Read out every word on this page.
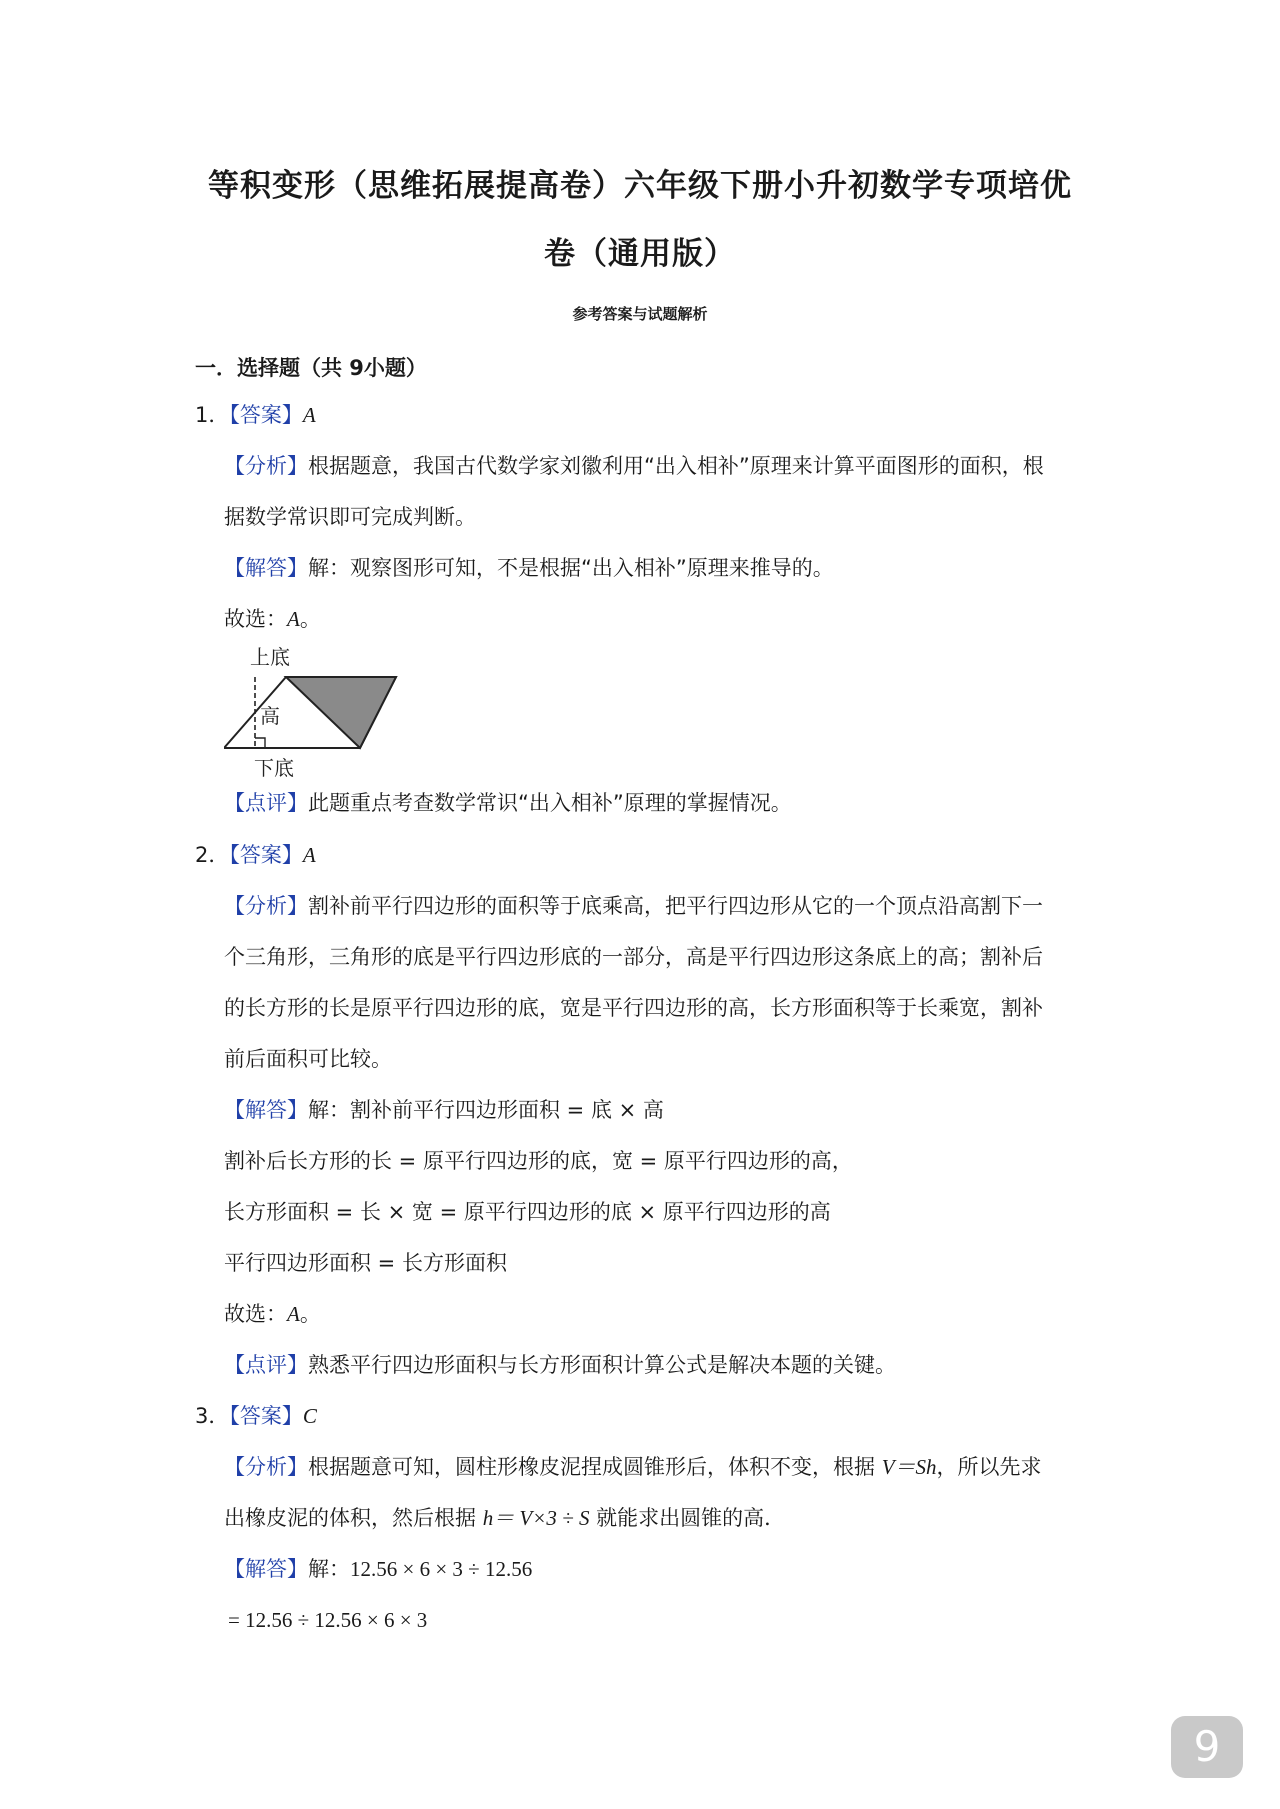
等积变形（思维拓展提高卷）六年级下册小升初数学专项培优
卷（通用版）
参考答案与试题解析
一．选择题（共 9小题）
1．【答案】A
【分析】根据题意，我国古代数学家刘徽利用“出入相补”原理来计算平面图形的面积，根
据数学常识即可完成判断。
【解答】解：观察图形可知，不是根据“出入相补”原理来推导的。
故选：A。
上底
高
下底
【点评】此题重点考查数学常识“出入相补”原理的掌握情况。
2．【答案】A
【分析】割补前平行四边形的面积等于底乘高，把平行四边形从它的一个顶点沿高割下一
个三角形，三角形的底是平行四边形底的一部分，高是平行四边形这条底上的高；割补后
的长方形的长是原平行四边形的底，宽是平行四边形的高，长方形面积等于长乘宽，割补
前后面积可比较。
【解答】解：割补前平行四边形面积 = 底 × 高
割补后长方形的长 = 原平行四边形的底，宽 = 原平行四边形的高，
长方形面积 = 长 × 宽 = 原平行四边形的底 × 原平行四边形的高
平行四边形面积 = 长方形面积
故选：A。
【点评】熟悉平行四边形面积与长方形面积计算公式是解决本题的关键。
3．【答案】C
【分析】根据题意可知，圆柱形橡皮泥捏成圆锥形后，体积不变，根据 V＝Sh，所以先求
出橡皮泥的体积，然后根据 h＝ V×3 ÷ S 就能求出圆锥的高．
【解答】解：12.56 × 6 × 3 ÷ 12.56
= 12.56 ÷ 12.56 × 6 × 3
9
